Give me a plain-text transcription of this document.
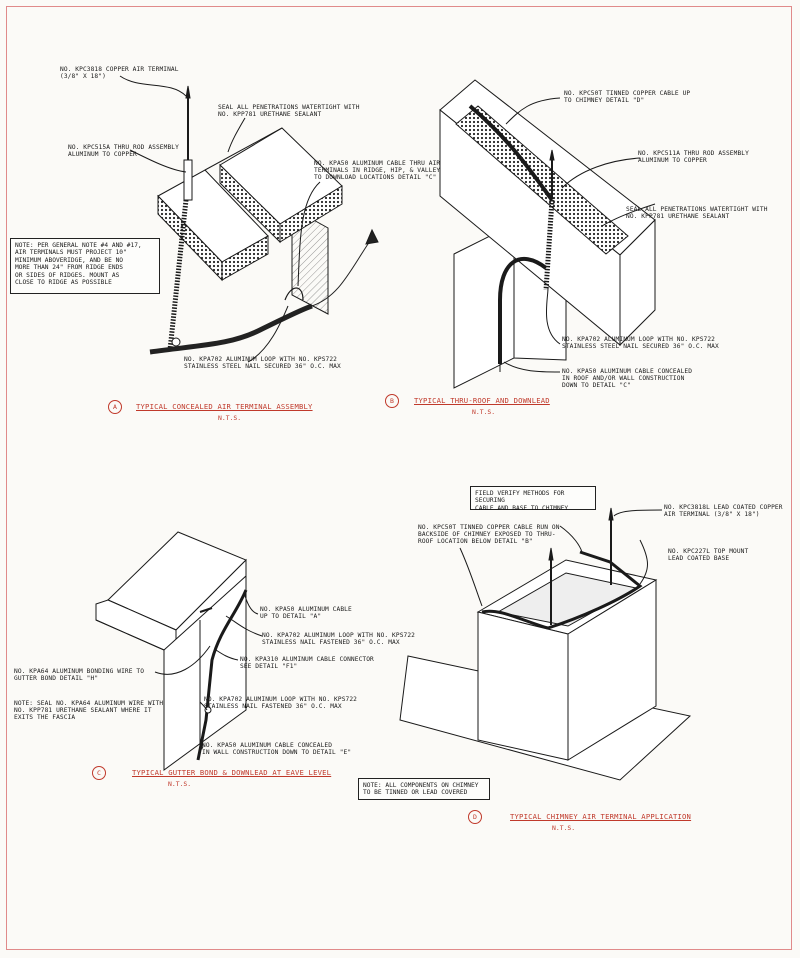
NO. KPC3818 COPPER AIR TERMINAL
(3/8" X 18")
NO. KPC515A THRU ROD ASSEMBLY
ALUMINUM TO COPPER
SEAL ALL PENETRATIONS WATERTIGHT WITH
NO. KPP781 URETHANE SEALANT
NO. KPA50 ALUMINUM CABLE THRU AIR
TERMINALS IN RIDGE, HIP, & VALLEY
TO DOWNLOAD LOCATIONS DETAIL "C"
NO. KPA702 ALUMINUM LOOP WITH NO. KPS722
STAINLESS STEEL NAIL SECURED 36" O.C. MAX
NOTE: PER GENERAL NOTE #4 AND #17,
AIR TERMINALS MUST PROJECT 10"
MINIMUM ABOVERIDGE, AND BE NO
MORE THAN 24" FROM RIDGE ENDS
OR SIDES OF RIDGES. MOUNT AS
CLOSE TO RIDGE AS POSSIBLE
A	TYPICAL CONCEALED AIR TERMINAL ASSEMBLY
N.T.S.
NO. KPC50T TINNED COPPER CABLE UP
TO CHIMNEY DETAIL "D"
NO. KPC511A THRU ROD ASSEMBLY
ALUMINUM TO COPPER
SEAL ALL PENETRATIONS WATERTIGHT WITH
NO. KPP781 URETHANE SEALANT
NO. KPA702 ALUMINUM LOOP WITH NO. KPS722
STAINLESS STEEL NAIL SECURED 36" O.C. MAX
NO. KPA50 ALUMINUM CABLE CONCEALED
IN ROOF AND/OR WALL CONSTRUCTION
DOWN TO DETAIL "C"
B	TYPICAL THRU-ROOF AND DOWNLEAD
N.T.S.
NO. KPA50 ALUMINUM CABLE
UP TO DETAIL "A"
NO. KPA702 ALUMINUM LOOP WITH NO. KPS722
STAINLESS NAIL FASTENED 36" O.C. MAX
NO. KPA310 ALUMINUM CABLE CONNECTOR
SEE DETAIL "F1"
NO. KPA64 ALUMINUM BONDING WIRE TO
GUTTER BOND DETAIL "H"
NOTE: SEAL NO. KPA64 ALUMINUM WIRE WITH
NO. KPP781 URETHANE SEALANT WHERE IT
EXITS THE FASCIA
NO. KPA702 ALUMINUM LOOP WITH NO. KPS722
STAINLESS NAIL FASTENED 36" O.C. MAX
NO. KPA50 ALUMINUM CABLE CONCEALED
IN WALL CONSTRUCTION DOWN TO DETAIL "E"
C	TYPICAL GUTTER BOND & DOWNLEAD AT EAVE LEVEL
N.T.S.
FIELD VERIFY METHODS FOR SECURING
CABLE AND BASE TO CHIMNEY	NO. KPC3818L LEAD COATED COPPER
AIR TERMINAL (3/8" X 18")
NO. KPC50T TINNED COPPER CABLE RUN ON
BACKSIDE OF CHIMNEY EXPOSED TO THRU-
ROOF LOCATION BELOW DETAIL "B"
NO. KPC227L TOP MOUNT
LEAD COATED BASE
NOTE: ALL COMPONENTS ON CHIMNEY
TO BE TINNED OR LEAD COVERED
D	TYPICAL CHIMNEY AIR TERMINAL APPLICATION
N.T.S.
